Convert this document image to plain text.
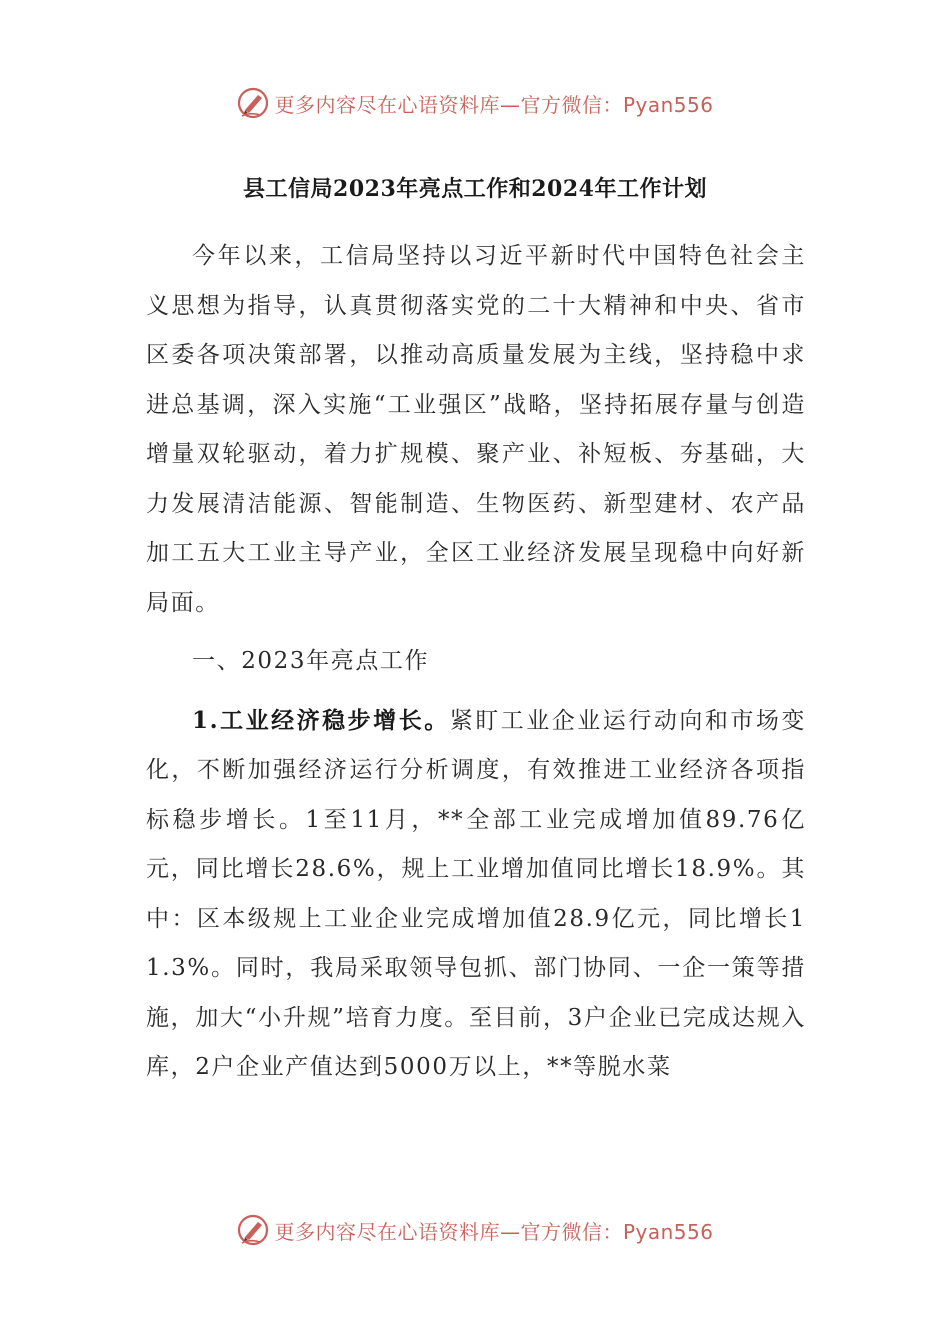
更多内容尽在心语资料库—官方微信：Pyan556
县工信局2023年亮点工作和2024年工作计划

今年以来，工信局坚持以习近平新时代中国特色社会主义思想为指导，认真贯彻落实党的二十大精神和中央、省市区委各项决策部署，以推动高质量发展为主线，坚持稳中求进总基调，深入实施“工业强区”战略，坚持拓展存量与创造增量双轮驱动，着力扩规模、聚产业、补短板、夯基础，大力发展清洁能源、智能制造、生物医药、新型建材、农产品加工五大工业主导产业，全区工业经济发展呈现稳中向好新局面。

一、2023年亮点工作

1.工业经济稳步增长。紧盯工业企业运行动向和市场变化，不断加强经济运行分析调度，有效推进工业经济各项指标稳步增长。1至11月，**全部工业完成增加值89.76亿元，同比增长28.6%，规上工业增加值同比增长18.9%。其中：区本级规上工业企业完成增加值28.9亿元，同比增长11.3%。同时，我局采取领导包抓、部门协同、一企一策等措施，加大“小升规”培育力度。至目前，3户企业已完成达规入库，2户企业产值达到5000万以上，**等脱水菜

更多内容尽在心语资料库—官方微信：Pyan556
